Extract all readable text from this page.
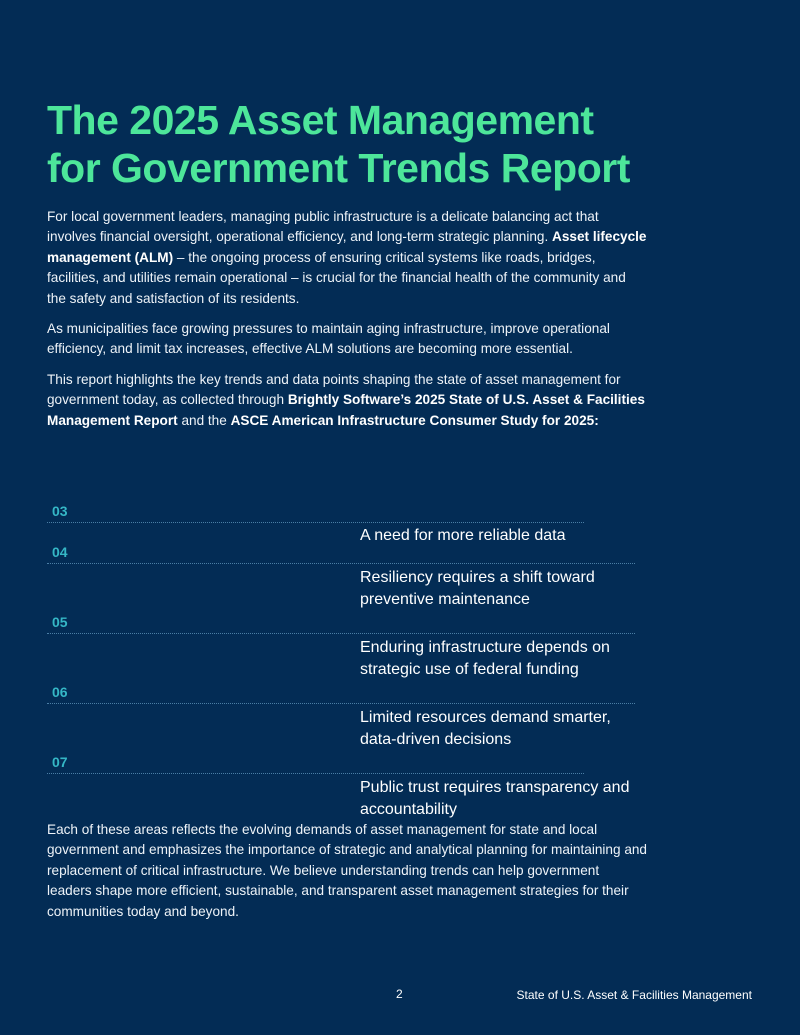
The 2025 Asset Management
for Government Trends Report

For local government leaders, managing public infrastructure is a delicate balancing act that involves financial oversight, operational efficiency, and long-term strategic planning. Asset lifecycle management (ALM) – the ongoing process of ensuring critical systems like roads, bridges, facilities, and utilities remain operational – is crucial for the financial health of the community and the safety and satisfaction of its residents.

As municipalities face growing pressures to maintain aging infrastructure, improve operational efficiency, and limit tax increases, effective ALM solutions are becoming more essential.

This report highlights the key trends and data points shaping the state of asset management for government today, as collected through Brightly Software’s 2025 State of U.S. Asset & Facilities Management Report and the ASCE American Infrastructure Consumer Study for 2025:

03
A need for more reliable data
04
Resiliency requires a shift toward preventive maintenance
05
Enduring infrastructure depends on strategic use of federal funding
06
Limited resources demand smarter, data-driven decisions
07
Public trust requires transparency and accountability

Each of these areas reflects the evolving demands of asset management for state and local government and emphasizes the importance of strategic and analytical planning for maintaining and replacement of critical infrastructure. We believe understanding trends can help government leaders shape more efficient, sustainable, and transparent asset management strategies for their communities today and beyond.

2	State of U.S. Asset & Facilities Management
